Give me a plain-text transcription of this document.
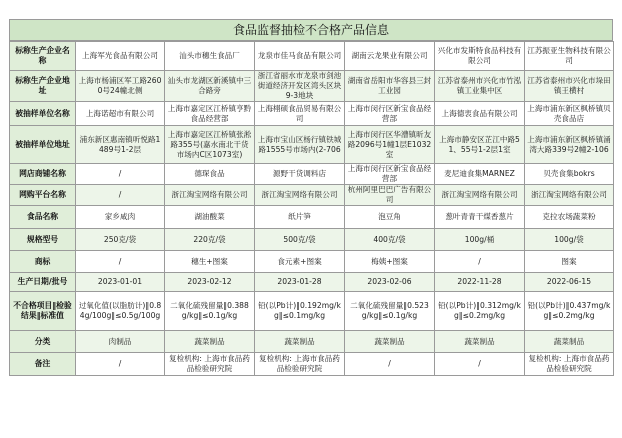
食品监督抽检不合格产品信息
标称生产企业名称	上海军光食品有限公司	汕头市穗生食品厂	龙泉市佳马食品有限公司	湖南云龙果业有限公司	兴化市发斯特食品科技有限公司	江苏振亚生物科技有限公司
标称生产企业地址	上海市杨浦区军工路2600号24幢北侧	汕头市龙湖区新溪镇中三合路旁	浙江省丽水市龙泉市剑池街道经济开发区湾头区块9-3地块	湖南省岳阳市华容县三封工业园	江苏省泰州市兴化市竹泓镇工业集中区	江苏省泰州市兴化市垛田镇王横村
被抽样单位名称	上海诺超市有限公司	上海市嘉定区江桥镇亨黔食品经营部	上海栩硕食品贸易有限公司	上海市闵行区新宝食品经营部	上海德衷食品有限公司	上海市浦东新区枫桥镇贝壳食品店
被抽样单位地址	浦东新区惠南镇听悦路1489号1-2层	上海市嘉定区江桥镇张淞路355号(嘉水南北干货市场内C区1073室)	上海市宝山区杨行镇铁城路1555号市场内(2-706	上海市闵行区华漕镇昕友路2096号1幢1层E1032室	上海市静安区芷江中路51、55号1-2层1室	上海市浦东新区枫桥镇涌湾大路339号2幢2-106
网店商铺名称	/	德琛食品	源野干货调料店	上海市闵行区新宝食品经营部	麦尼迪食集MARNEZ	贝壳食集bokrs
网购平台名称	/	浙江淘宝网络有限公司	浙江淘宝网络有限公司	杭州阿里巴巴广告有限公司	浙江淘宝网络有限公司	浙江淘宝网络有限公司
食品名称	家乡咸肉	湖油酸菜	纸片笋	泡豆角	葱叶青青干煤香葱片	克拉农场蔬菜粉
规格型号	250克/袋	220克/袋	500克/袋	400克/袋	100g/桶	100g/袋
商标	/	穗生+图案	食元素+图案	梅姨+图案	/	图案
生产日期/批号	2023-01-01	2023-02-12	2023-01-28	2023-02-06	2022-11-28	2022-06-15
不合格项目‖检验结果‖标准值	过氧化值(以脂肪计)‖0.84g/100g‖≤0.5g/100g	二氧化硫残留量‖0.388g/kg‖≤0.1g/kg	铅(以Pb计)‖0.192mg/kg‖≤0.1mg/kg	二氧化硫残留量‖0.523g/kg‖≤0.1g/kg	铅(以Pb计)‖0.312mg/kg‖≤0.2mg/kg	铅(以Pb计)‖0.437mg/kg‖≤0.2mg/kg
分类	肉制品	蔬菜制品	蔬菜制品	蔬菜制品	蔬菜制品	蔬菜制品
备注	/	复检机构: 上海市食品药品检验研究院	复检机构: 上海市食品药品检验研究院	/	/	复检机构: 上海市食品药品检验研究院
